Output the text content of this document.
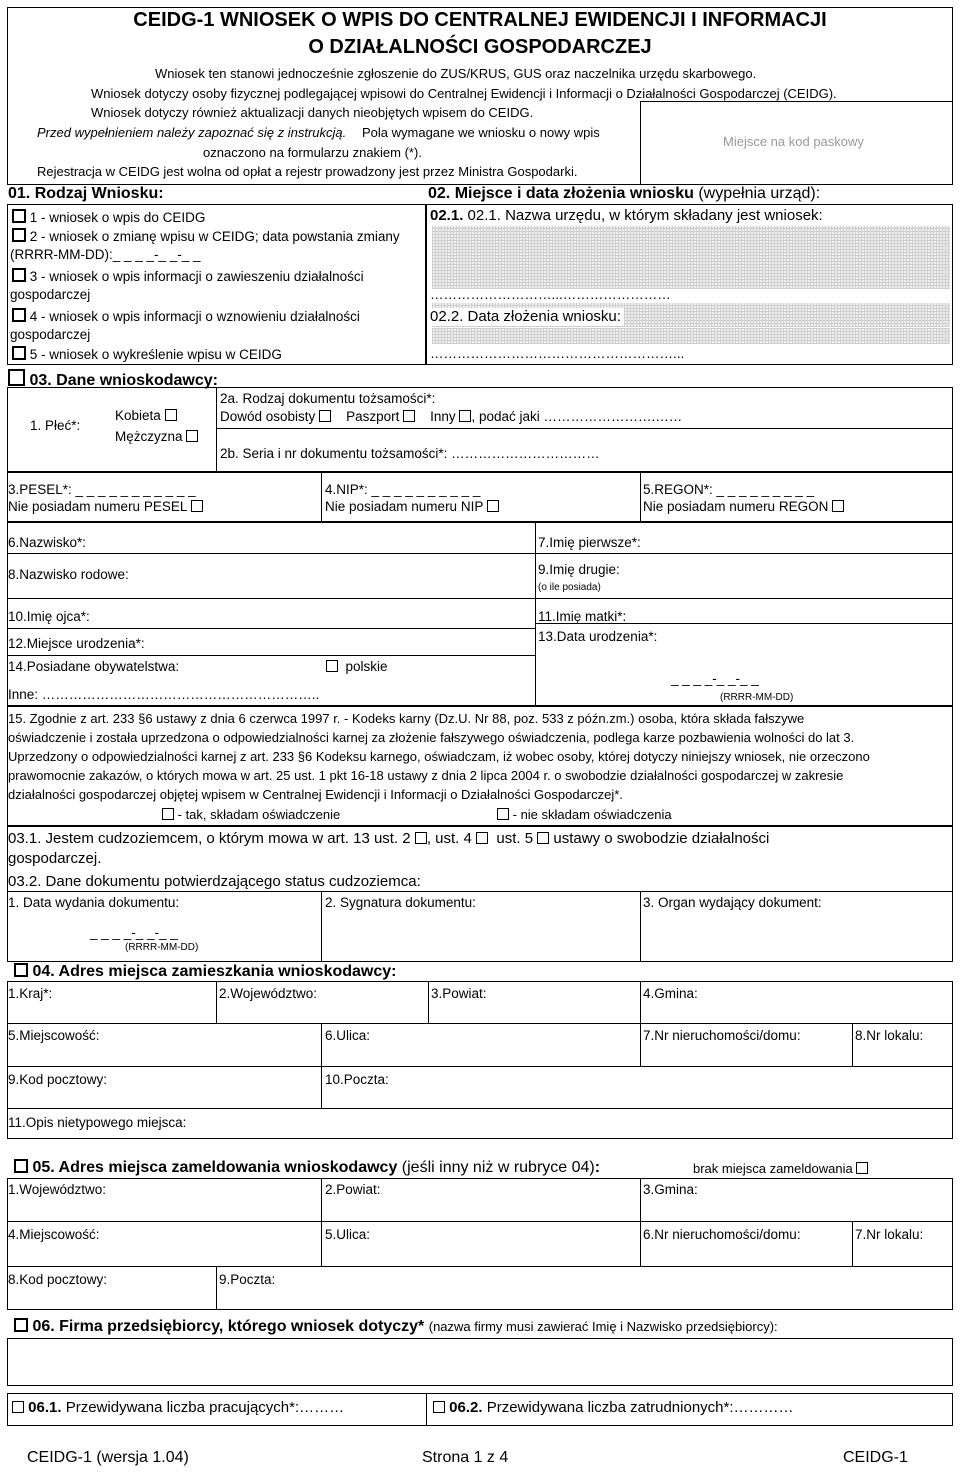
CEIDG-1 WNIOSEK O WPIS DO CENTRALNEJ EWIDENCJI I INFORMACJI
O DZIAŁALNOŚCI GOSPODARCZEJ
Wniosek ten stanowi jednocześnie zgłoszenie do ZUS/KRUS, GUS oraz naczelnika urzędu skarbowego.
Wniosek dotyczy osoby fizycznej podlegającej wpisowi do Centralnej Ewidencji i Informacji o Działalności Gospodarczej (CEIDG).
Wniosek dotyczy również aktualizacji danych nieobjętych wpisem do CEIDG.
Przed wypełnieniem należy zapoznać się z instrukcją. Pola wymagane we wniosku o nowy wpis
oznaczono na formularzu znakiem (*).
Rejestracja w CEIDG jest wolna od opłat a rejestr prowadzony jest przez Ministra Gospodarki.
Miejsce na kod paskowy
01. Rodzaj Wniosku:
1 - wniosek o wpis do CEIDG
2 - wniosek o zmianę wpisu w CEIDG; data powstania zmiany
(RRRR-MM-DD):_ _ _ _-_ _-_ _
3 - wniosek o wpis informacji o zawieszeniu działalności
gospodarczej
4 - wniosek o wpis informacji o wznowieniu działalności
gospodarczej
5 - wniosek o wykreślenie wpisu w CEIDG
02. Miejsce i data złożenia wniosku (wypełnia urząd):
02.1. 02.1. Nazwa urzędu, w którym składany jest wniosek:
………………………...……………………
02.2. Data złożenia wniosku:
………………………………………………...
03. Dane wnioskodawcy:
1. Płeć*:
Kobieta
Mężczyzna
2a. Rodzaj dokumentu tożsamości*:
Dowód osobisty Paszport Inny , podać jaki …………………….……
2b. Seria i nr dokumentu tożsamości*: ……………………………
3.PESEL*: _ _ _ _ _ _ _ _ _ _ _
Nie posiadam numeru PESEL
4.NIP*: _ _ _ _ _ _ _ _ _ _
Nie posiadam numeru NIP
5.REGON*: _ _ _ _ _ _ _ _ _
Nie posiadam numeru REGON
6.Nazwisko*:	7.Imię pierwsze*:
8.Nazwisko rodowe:	9.Imię drugie:
(o ile posiada)
10.Imię ojca*:	11.Imię matki*:
12.Miejsce urodzenia*:	13.Data urodzenia*:
14.Posiadane obywatelstwa:	polskie
Inne: ……………………………………………………..
_ _ _ _-_ _-_ _
(RRRR-MM-DD)
15. Zgodnie z art. 233 §6 ustawy z dnia 6 czerwca 1997 r. - Kodeks karny (Dz.U. Nr 88, poz. 533 z późn.zm.) osoba, która składa fałszywe
oświadczenie i została uprzedzona o odpowiedzialności karnej za złożenie fałszywego oświadczenia, podlega karze pozbawienia wolności do lat 3.
Uprzedzony o odpowiedzialności karnej z art. 233 §6 Kodeksu karnego, oświadczam, iż wobec osoby, której dotyczy niniejszy wniosek, nie orzeczono
prawomocnie zakazów, o których mowa w art. 25 ust. 1 pkt 16-18 ustawy z dnia 2 lipca 2004 r. o swobodzie działalności gospodarczej w zakresie
działalności gospodarczej objętej wpisem w Centralnej Ewidencji i Informacji o Działalności Gospodarczej*.
- tak, składam oświadczenie	- nie składam oświadczenia
03.1. Jestem cudzoziemcem, o którym mowa w art. 13 ust. 2 , ust. 4 ust. 5 ustawy o swobodzie działalności
gospodarczej.
03.2. Dane dokumentu potwierdzającego status cudzoziemca:
1. Data wydania dokumentu:
_ _ _ _-_ _-_ _
(RRRR-MM-DD)
2. Sygnatura dokumentu:	3. Organ wydający dokument:
04. Adres miejsca zamieszkania wnioskodawcy:
1.Kraj*:	2.Województwo:	3.Powiat:	4.Gmina:
5.Miejscowość:	6.Ulica:	7.Nr nieruchomości/domu:	8.Nr lokalu:
9.Kod pocztowy:	10.Poczta:
11.Opis nietypowego miejsca:
05. Adres miejsca zameldowania wnioskodawcy (jeśli inny niż w rubryce 04):	brak miejsca zameldowania
1.Województwo:	2.Powiat:	3.Gmina:
4.Miejscowość:	5.Ulica:	6.Nr nieruchomości/domu:	7.Nr lokalu:
8.Kod pocztowy:	9.Poczta:
06. Firma przedsiębiorcy, którego wniosek dotyczy* (nazwa firmy musi zawierać Imię i Nazwisko przedsiębiorcy):
06.1. Przewidywana liczba pracujących*:………	06.2. Przewidywana liczba zatrudnionych*:…………
CEIDG-1 (wersja 1.04)	Strona 1 z 4	CEIDG-1
